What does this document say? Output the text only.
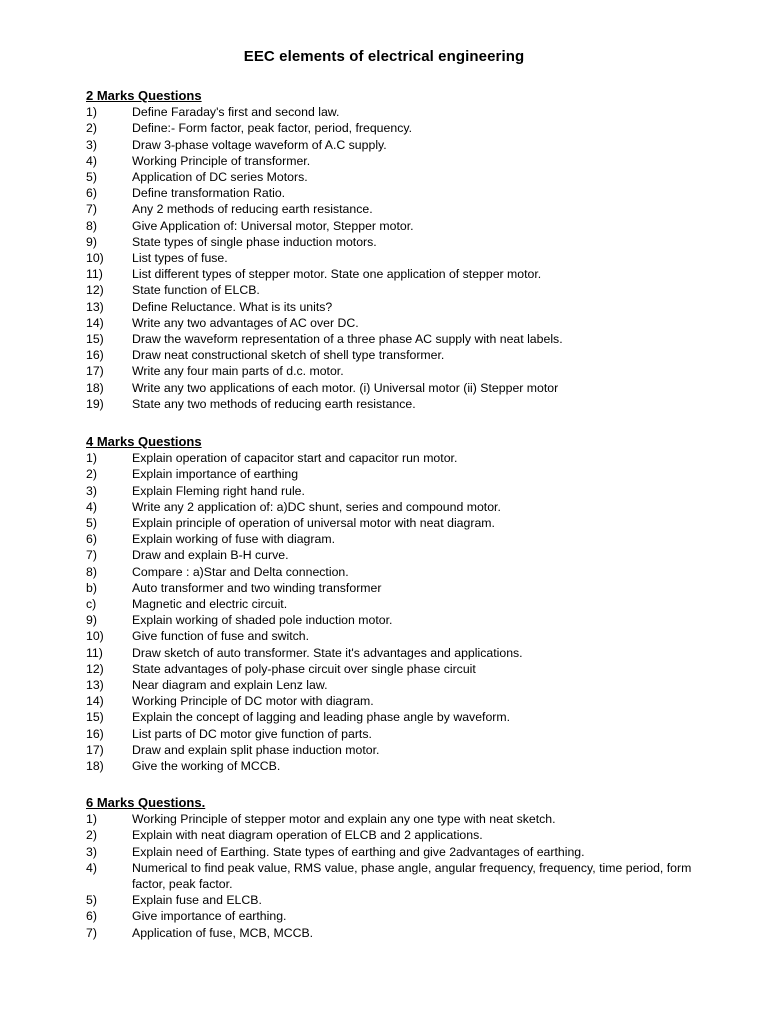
EEC elements of electrical engineering
2 Marks Questions
1)	Define Faraday's first and second law.
2)	Define:- Form factor, peak factor, period, frequency.
3)	Draw 3-phase voltage waveform of A.C supply.
4)	Working Principle of transformer.
5)	Application of DC series Motors.
6)	Define transformation Ratio.
7)	Any 2 methods of reducing earth resistance.
8)	Give Application of: Universal motor, Stepper motor.
9)	State types of single phase induction motors.
10)	List types of fuse.
11)	List different types of stepper motor. State one application of stepper motor.
12)	State function of ELCB.
13)	Define Reluctance. What is its units?
14)	Write any two advantages of AC over DC.
15)	Draw the waveform representation of a three phase AC supply with neat labels.
16)	Draw neat constructional sketch of shell type transformer.
17)	Write any four main parts of d.c. motor.
18)	Write any two applications of each motor. (i) Universal motor (ii) Stepper motor
19)	State any two methods of reducing earth resistance.
4 Marks Questions
1)	Explain operation of capacitor start and capacitor run motor.
2)	Explain importance of earthing
3)	Explain Fleming right hand rule.
4)	Write any 2 application of: a)DC shunt, series and compound motor.
5)	Explain principle of operation of universal motor with neat diagram.
6)	Explain working of fuse with diagram.
7)	Draw and explain B-H curve.
8)	Compare : a)Star and Delta connection.
b)	Auto transformer and two winding transformer
c)	Magnetic and electric circuit.
9)	Explain working of shaded pole induction motor.
10)	Give function of fuse and switch.
11)	Draw sketch of auto transformer. State it's advantages and applications.
12)	State advantages of poly-phase circuit over single phase circuit
13)	Near diagram and explain Lenz law.
14)	Working Principle of DC motor with diagram.
15)	Explain the concept of lagging and leading phase angle by waveform.
16)	List parts of DC motor give function of parts.
17)	Draw and explain split phase induction motor.
18)	Give the working of MCCB.
6 Marks Questions.
1)	Working Principle of stepper motor and explain any one type with neat sketch.
2)	Explain with neat diagram operation of ELCB and 2 applications.
3)	Explain need of Earthing. State types of earthing and give 2advantages of earthing.
4)	Numerical to find peak value, RMS value, phase angle, angular frequency, frequency, time period, form factor, peak factor.
5)	Explain fuse and ELCB.
6)	Give importance of earthing.
7)	Application of fuse, MCB, MCCB.
